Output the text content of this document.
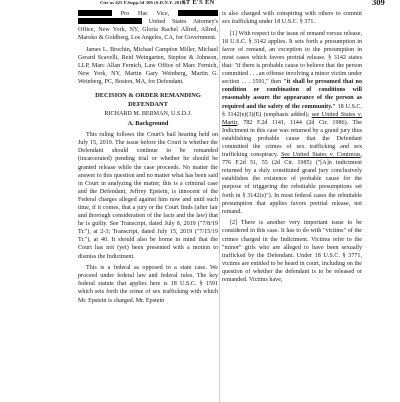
Cite as 425 F.Supp.3d 306 (S.D.N.Y. 2019)
ST E'S EN	309

Pro Hac Vice,   United States Attorney's Office, New York, NY, Gloria Rachel Allred, Allred, Maroko & Goldberg, Los Angeles, CA, for Government.

James L. Brochin, Michael Campion Miller, Michael Gerard Scavelli, Reid Weingarten, Steptoe & Johnson, LLP, Marc Allan Fernich, Law Office of Marc Fernich, New York, NY, Martin Gary Weinberg, Martin G. Weinberg, PC, Boston, MA, for Defendant.

DECISION & ORDER REMANDING DEFENDANT

RICHARD M. BERMAN, U.S.D.J.

A. Background

This ruling follows the Court's bail hearing held on July 15, 2019. The issue before the Court is whether the Defendant should continue to be remanded (incarcerated) pending trial or whether he should be granted release while the case proceeds. No matter the answer to this question and no matter what has been said in Court in analyzing the matter, this is a criminal case and the Defendant, Jeffrey Epstein, is innocent of the Federal charges alleged against him now and until such time, if it comes, that a jury or the Court finds (after fair and thorough consideration of the facts and the law) that he is guilty. See Transcript, dated July 8, 2019 ("7/8/19 Tr."), at 2-3; Transcript, dated July 15, 2019 ("7/15/19 Tr."), at 40. It should also be borne in mind that the Court has not (yet) been presented with a motion to dismiss the Indictment.

This is a federal as opposed to a state case. We proceed under federal law and federal rules. The key federal statute that applies here is 18 U.S.C. § 1591 which sets forth the crime of sex trafficking with which Mr. Epstein is charged. Mr. Epstein

is also charged with conspiring with others to commit sex trafficking under 18 U.S.C. § 371.

[1] With respect to the issue of remand versus release, 18 U.S.C. § 3142 applies. It sets forth a presumption in favor of remand, an exception to the presumption in most cases which favors pretrial release. § 3142 states that: "if there is probable cause to believe that the person committed . . . an offense involving a minor victim under section . . . 1591," then "it shall be presumed that no condition or combination of conditions will reasonably assure the appearance of the person as required and the safety of the community." 18 U.S.C. § 3142(e)(3)(E) (emphasis added); see United States v. Martir, 782 F.2d 1141, 1144 (2d Cir. 1986). The Indictment in this case was returned by a grand jury thus establishing probable cause that the Defendant committed the crimes of sex trafficking and sex trafficking conspiracy. See United States v. Contreras, 776 F.2d 51, 55 (2d Cir. 1985) ("[A]n indictment returned by a duly constituted grand jury conclusively establishes the existence of probable cause for the purpose of triggering the rebuttable presumptions set forth in § 3142(e)"). In most federal cases the rebuttable presumption that applies favors pretrial release, not remand.

[2] There is another very important issue to be considered in this case. It has to do with "victims" of the crimes charged in the Indictment. Victims refer to the "minor" girls who are alleged to have been sexually trafficked by the Defendant. Under 18 U.S.C. § 3771, victims are entitled to be heard in court, including on the question of whether the defendant is to be released or remanded. Victims have,
